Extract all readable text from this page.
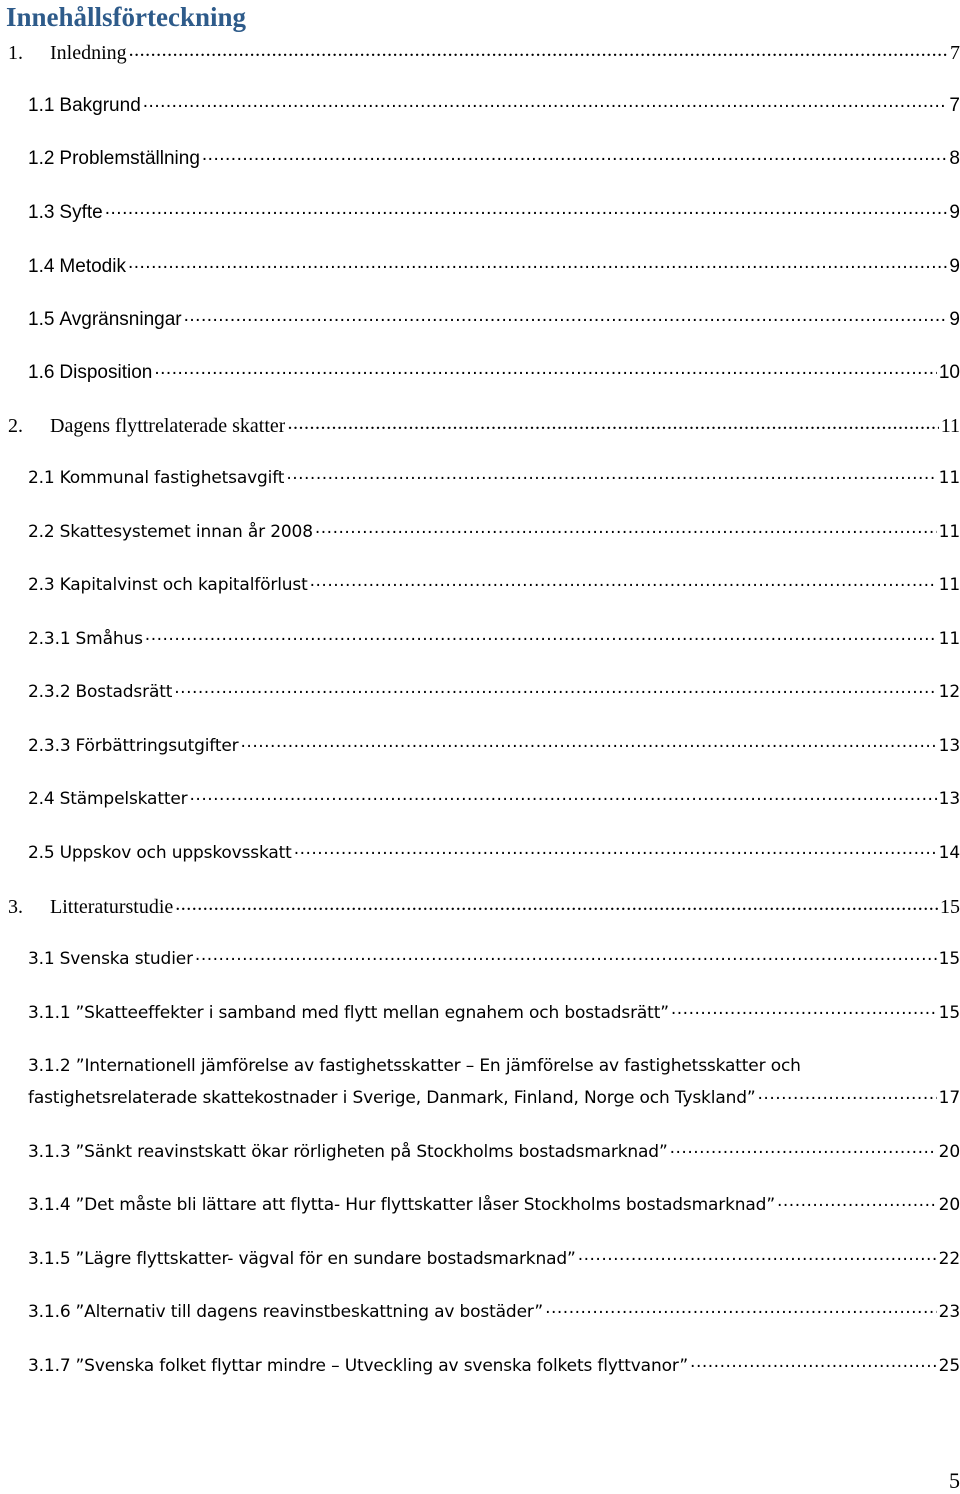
Innehållsförteckning
1.	Inledning .....	7
1.1 Bakgrund .....	7
1.2 Problemställning .....	8
1.3 Syfte .....	9
1.4 Metodik .....	9
1.5 Avgränsningar .....	9
1.6 Disposition .....	10
2.	Dagens flyttrelaterade skatter .....	11
2.1 Kommunal fastighetsavgift .....	11
2.2 Skattesystemet innan år 2008 .....	11
2.3 Kapitalvinst och kapitalförlust .....	11
2.3.1 Småhus .....	11
2.3.2 Bostadsrätt .....	12
2.3.3 Förbättringsutgifter .....	13
2.4 Stämpelskatter .....	13
2.5 Uppskov och uppskovsskatt .....	14
3.	Litteraturstudie .....	15
3.1 Svenska studier .....	15
3.1.1 ”Skatteeffekter i samband med flytt mellan egnahem och bostadsrätt” .....	15
3.1.2 ”Internationell jämförelse av fastighetsskatter – En jämförelse av fastighetsskatter och
fastighetsrelaterade skattekostnader i Sverige, Danmark, Finland, Norge och Tyskland” .....	17
3.1.3 ”Sänkt reavinstskatt ökar rörligheten på Stockholms bostadsmarknad” .....	20
3.1.4 ”Det måste bli lättare att flytta- Hur flyttskatter låser Stockholms bostadsmarknad” .....	20
3.1.5 ”Lägre flyttskatter- vägval för en sundare bostadsmarknad” .....	22
3.1.6 ”Alternativ till dagens reavinstbeskattning av bostäder” .....	23
3.1.7 ”Svenska folket flyttar mindre – Utveckling av svenska folkets flyttvanor” .....	25
5
